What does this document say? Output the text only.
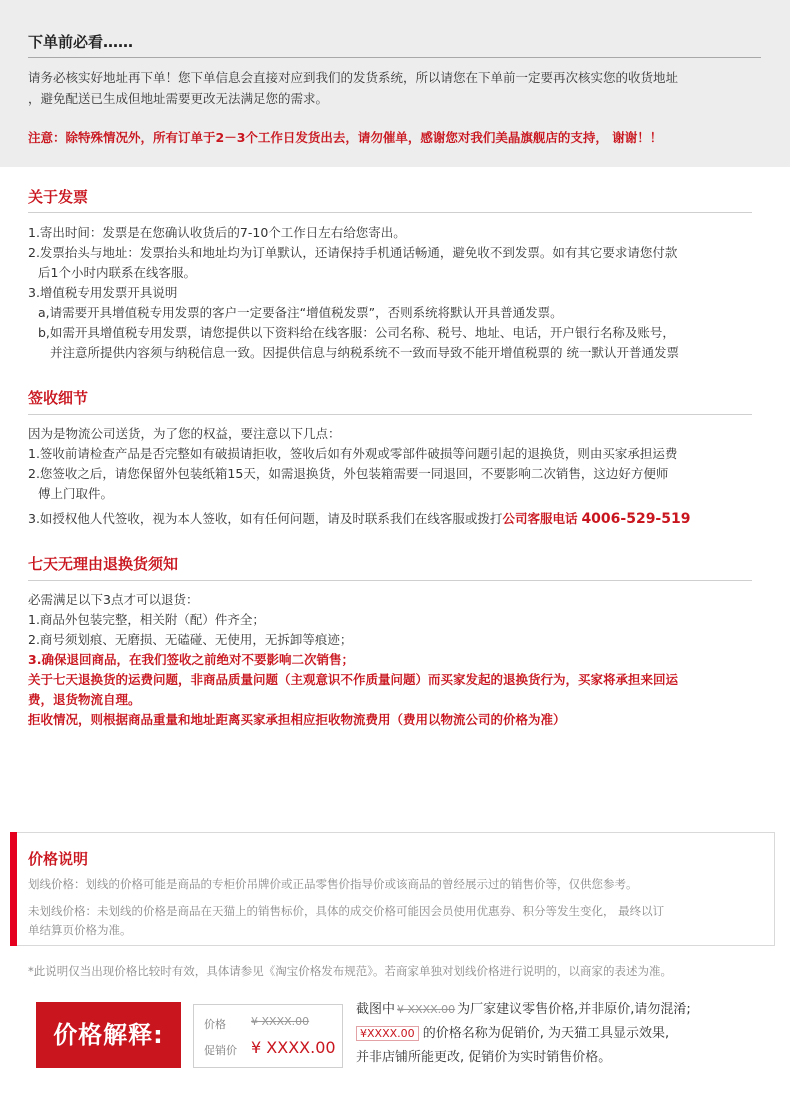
下单前必看……
请务必核实好地址再下单！您下单信息会直接对应到我们的发货系统，所以请您在下单前一定要再次核实您的收货地址
，避免配送已生成但地址需要更改无法满足您的需求。
注意：除特殊情况外，所有订单于2－3个工作日发货出去，请勿催单，感谢您对我们美晶旗舰店的支持， 谢谢！！
关于发票
1.寄出时间：发票是在您确认收货后的7-10个工作日左右给您寄出。
2.发票抬头与地址：发票抬头和地址均为订单默认，还请保持手机通话畅通，避免收不到发票。如有其它要求请您付款
后1个小时内联系在线客服。
3.增值税专用发票开具说明
a,请需要开具增值税专用发票的客户一定要备注“增值税发票”，否则系统将默认开具普通发票。
b,如需开具增值税专用发票，请您提供以下资料给在线客服：公司名称、税号、地址、电话，开户银行名称及账号，
并注意所提供内容须与纳税信息一致。因提供信息与纳税系统不一致而导致不能开增值税票的 统一默认开普通发票
签收细节
因为是物流公司送货，为了您的权益，要注意以下几点：
1.签收前请检查产品是否完整如有破损请拒收，签收后如有外观或零部件破损等问题引起的退换货，则由买家承担运费
2.您签收之后，请您保留外包装纸箱15天，如需退换货，外包装箱需要一同退回，不要影响二次销售，这边好方便师
傅上门取件。
3.如授权他人代签收，视为本人签收，如有任何问题，请及时联系我们在线客服或拨打公司客服电话 4006-529-519
七天无理由退换货须知
必需满足以下3点才可以退货：
1.商品外包装完整，相关附（配）件齐全；
2.商号须划痕、无磨损、无磕碰、无使用，无拆卸等痕迹；
3.确保退回商品，在我们签收之前绝对不要影响二次销售；
关于七天退换货的运费问题，非商品质量问题（主观意识不作质量问题）而买家发起的退换货行为，买家将承担来回运
费，退货物流自理。
拒收情况，则根据商品重量和地址距离买家承担相应拒收物流费用（费用以物流公司的价格为准）
价格说明
划线价格：划线的价格可能是商品的专柜价吊牌价或正品零售价指导价或该商品的曾经展示过的销售价等，仅供您参考。
未划线价格：未划线的价格是商品在天猫上的销售标价，具体的成交价格可能因会员使用优惠券、积分等发生变化， 最终以订
单结算页价格为准。
*此说明仅当出现价格比较时有效，具体请参见《淘宝价格发布规范》。若商家单独对划线价格进行说明的，以商家的表述为准。
价格解释:	价格 ¥ XXXX.00
促销价 ¥ XXXX.00
截图中 ¥ XXXX.00 为厂家建议零售价格,并非原价,请勿混淆;
¥XXXX.00 的价格名称为促销价, 为天猫工具显示效果,
并非店铺所能更改, 促销价为实时销售价格。
